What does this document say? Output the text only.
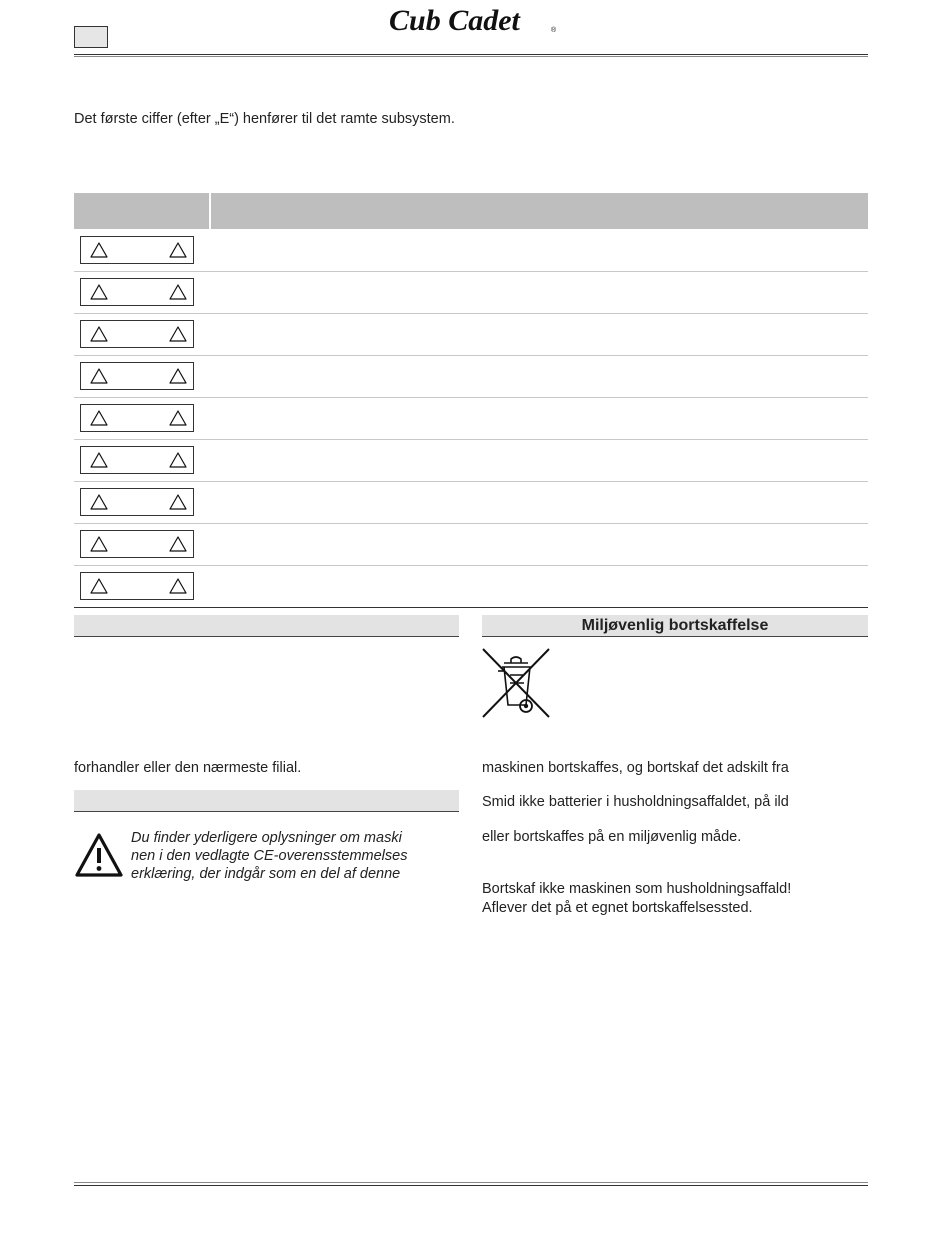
Cub Cadet	®
Det første ciffer (efter „E“) henfører til det ramte subsystem.
forhandler eller den nærmeste filial.
Du finder yderligere oplysninger om maski
nen i den vedlagte CE-overensstemmelses
erklæring, der indgår som en del af denne
Miljøvenlig bortskaffelse
maskinen bortskaffes, og bortskaf det adskilt fra
Smid ikke batterier i husholdningsaffaldet, på ild
eller bortskaffes på en miljøvenlig måde.
Bortskaf ikke maskinen som husholdningsaffald!
Aflever det på et egnet bortskaffelsessted.
